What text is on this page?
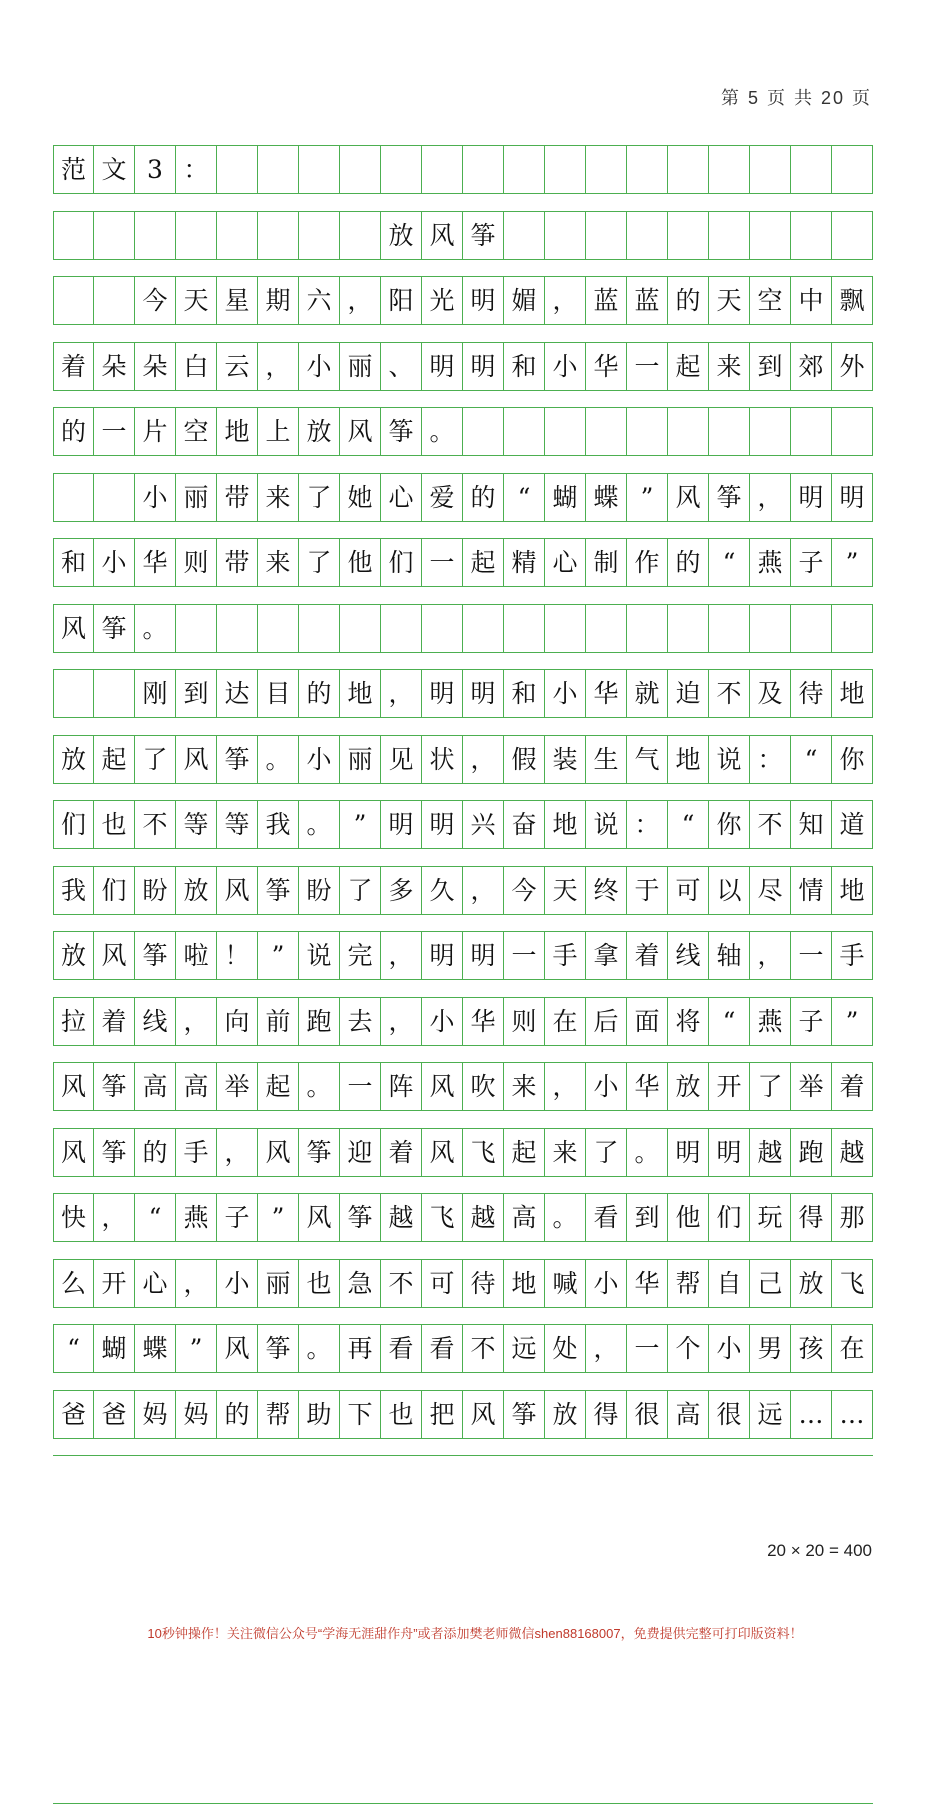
第 5 页 共 20 页
范 文 3 ：
放 风 筝
今 天 星 期 六 ， 阳 光 明 媚 ， 蓝 蓝 的 天 空 中 飘
着 朵 朵 白 云 ， 小 丽 、 明 明 和 小 华 一 起 来 到 郊 外
的 一 片 空 地 上 放 风 筝 。
小 丽 带 来 了 她 心 爱 的 “ 蝴 蝶 ” 风 筝 ， 明 明
和 小 华 则 带 来 了 他 们 一 起 精 心 制 作 的 “ 燕 子 ”
风 筝 。
刚 到 达 目 的 地 ， 明 明 和 小 华 就 迫 不 及 待 地
放 起 了 风 筝 。 小 丽 见 状 ， 假 装 生 气 地 说 ： “ 你
们 也 不 等 等 我 。 ” 明 明 兴 奋 地 说 ： “ 你 不 知 道
我 们 盼 放 风 筝 盼 了 多 久 ， 今 天 终 于 可 以 尽 情 地
放 风 筝 啦 ！ ” 说 完 ， 明 明 一 手 拿 着 线 轴 ， 一 手
拉 着 线 ， 向 前 跑 去 ， 小 华 则 在 后 面 将 “ 燕 子 ”
风 筝 高 高 举 起 。 一 阵 风 吹 来 ， 小 华 放 开 了 举 着
风 筝 的 手 ， 风 筝 迎 着 风 飞 起 来 了 。 明 明 越 跑 越
快 ， “ 燕 子 ” 风 筝 越 飞 越 高 。 看 到 他 们 玩 得 那
么 开 心 ， 小 丽 也 急 不 可 待 地 喊 小 华 帮 自 己 放 飞
“ 蝴 蝶 ” 风 筝 。 再 看 看 不 远 处 ， 一 个 小 男 孩 在
爸 爸 妈 妈 的 帮 助 下 也 把 风 筝 放 得 很 高 很 远 … …
20 × 20 = 400
10秒钟操作！关注微信公众号“学海无涯甜作舟”或者添加樊老师微信shen88168007，免费提供完整可打印版资料！
